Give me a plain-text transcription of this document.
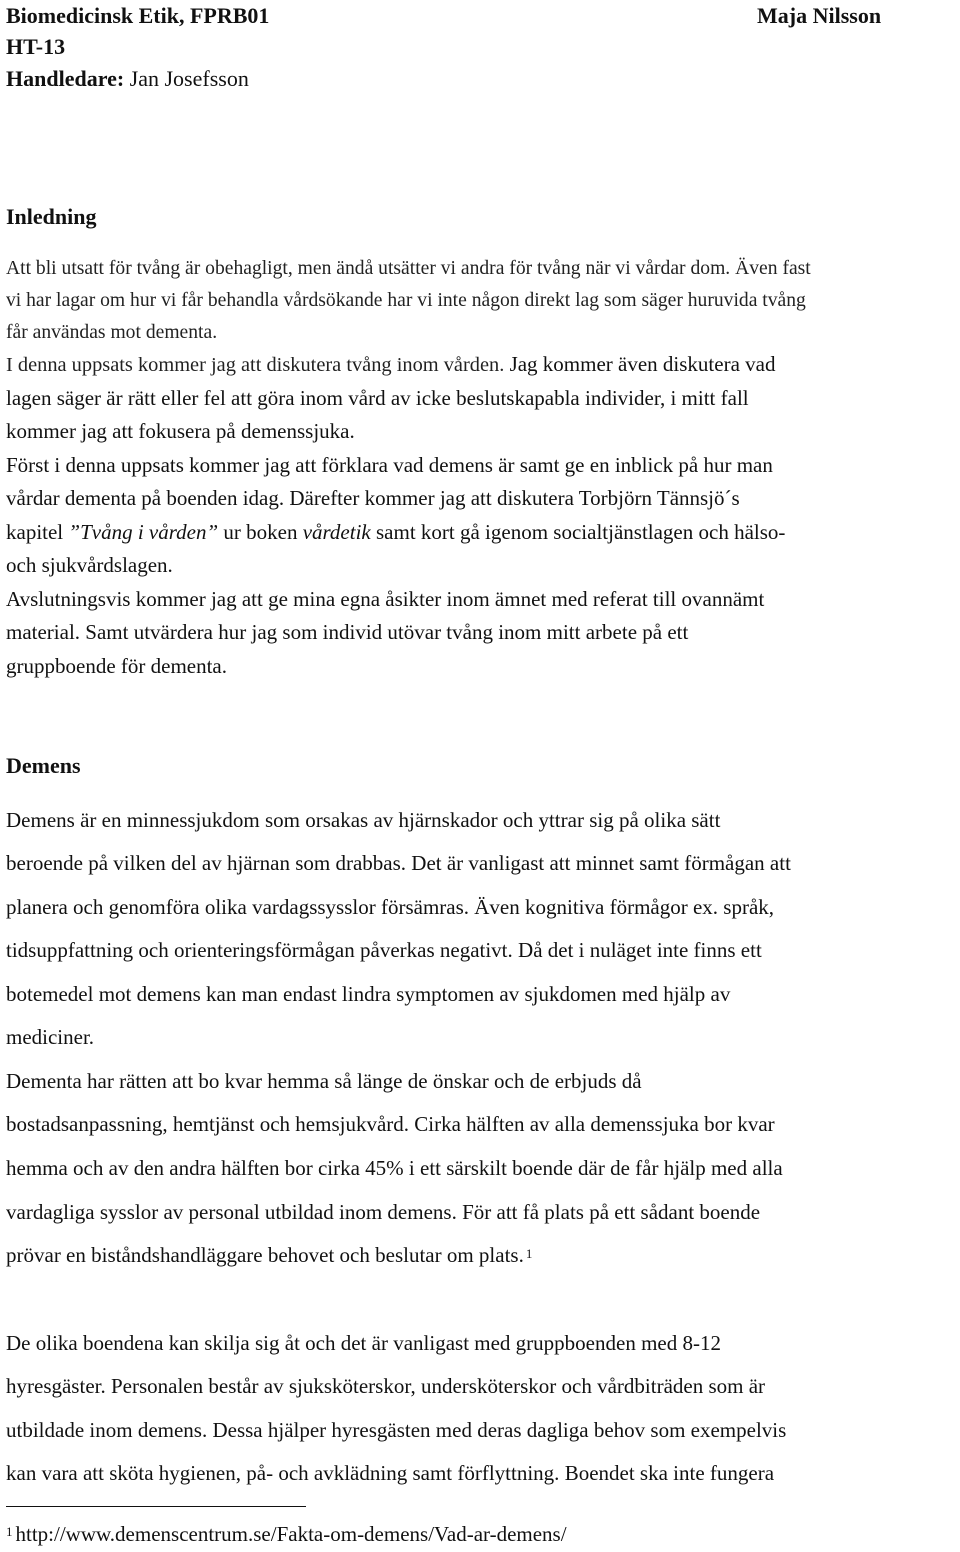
Biomedicinsk Etik, FPRB01	Maja Nilsson
HT-13
Handledare: Jan Josefsson
Inledning
Att bli utsatt för tvång är obehagligt, men ändå utsätter vi andra för tvång när vi vårdar dom. Även fast
vi har lagar om hur vi får behandla vårdsökande har vi inte någon direkt lag som säger huruvida tvång
får användas mot dementa.
I denna uppsats kommer jag att diskutera tvång inom vården. Jag kommer även diskutera vad
lagen säger är rätt eller fel att göra inom vård av icke beslutskapabla individer, i mitt fall
kommer jag att fokusera på demenssjuka.
Först i denna uppsats kommer jag att förklara vad demens är samt ge en inblick på hur man
vårdar dementa på boenden idag. Därefter kommer jag att diskutera Torbjörn Tännsjö´s
kapitel ”Tvång i vården” ur boken vårdetik samt kort gå igenom socialtjänstlagen och hälso-
och sjukvårdslagen.
Avslutningsvis kommer jag att ge mina egna åsikter inom ämnet med referat till ovannämt
material. Samt utvärdera hur jag som individ utövar tvång inom mitt arbete på ett
gruppboende för dementa.
Demens
Demens är en minnessjukdom som orsakas av hjärnskador och yttrar sig på olika sätt
beroende på vilken del av hjärnan som drabbas. Det är vanligast att minnet samt förmågan att
planera och genomföra olika vardagssysslor försämras. Även kognitiva förmågor ex. språk,
tidsuppfattning och orienteringsförmågan påverkas negativt. Då det i nuläget inte finns ett
botemedel mot demens kan man endast lindra symptomen av sjukdomen med hjälp av
mediciner.
Dementa har rätten att bo kvar hemma så länge de önskar och de erbjuds då
bostadsanpassning, hemtjänst och hemsjukvård. Cirka hälften av alla demenssjuka bor kvar
hemma och av den andra hälften bor cirka 45% i ett särskilt boende där de får hjälp med alla
vardagliga sysslor av personal utbildad inom demens. För att få plats på ett sådant boende
prövar en biståndshandläggare behovet och beslutar om plats. $^1$
De olika boendena kan skilja sig åt och det är vanligast med gruppboenden med 8-12
hyresgäster. Personalen består av sjuksköterskor, undersköterskor och vårdbiträden som är
utbildade inom demens. Dessa hjälper hyresgästen med deras dagliga behov som exempelvis
kan vara att sköta hygienen, på- och avklädning samt förflyttning. Boendet ska inte fungera
$^1$ http://www.demenscentrum.se/Fakta-om-demens/Vad-ar-demens/
